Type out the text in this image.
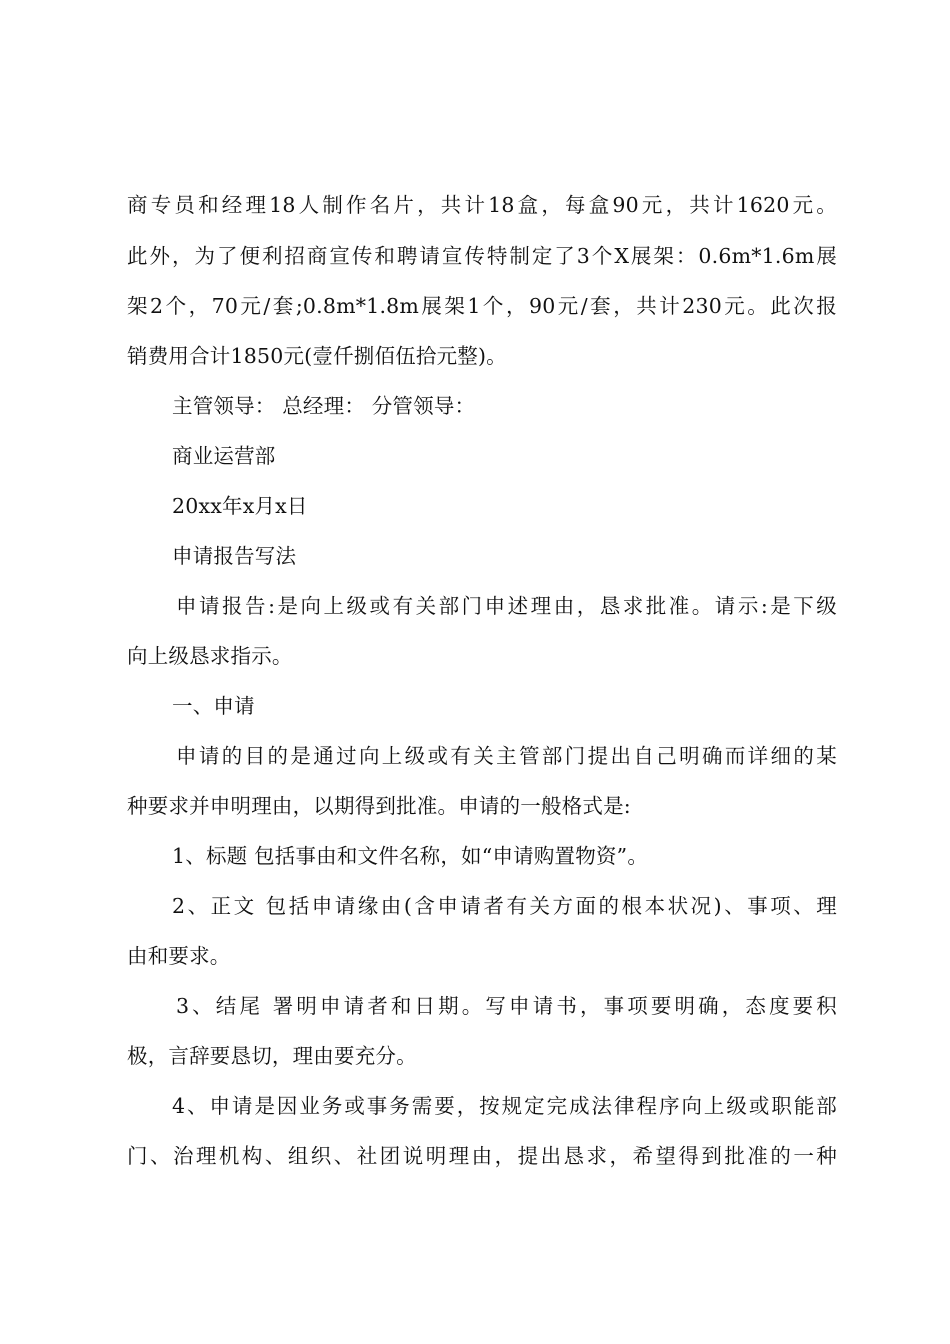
商专员和经理18人制作名片，共计18盒，每盒90元，共计1620元。
此外，为了便利招商宣传和聘请宣传特制定了3个X展架：0.6m*1.6m展
架2个，70元/套;0.8m*1.8m展架1个，90元/套，共计230元。此次报
销费用合计1850元(壹仟捌佰伍拾元整)。
主管领导： 总经理： 分管领导：
商业运营部
20xx年x月x日
申请报告写法
申请报告:是向上级或有关部门申述理由，恳求批准。请示:是下级
向上级恳求指示。
一、申请
申请的目的是通过向上级或有关主管部门提出自己明确而详细的某
种要求并申明理由，以期得到批准。申请的一般格式是:
1、标题 包括事由和文件名称，如“申请购置物资”。
2、正文 包括申请缘由(含申请者有关方面的根本状况)、事项、理
由和要求。
3、结尾 署明申请者和日期。写申请书，事项要明确，态度要积
极，言辞要恳切，理由要充分。
4、申请是因业务或事务需要，按规定完成法律程序向上级或职能部
门、治理机构、组织、社团说明理由，提出恳求，希望得到批准的一种
